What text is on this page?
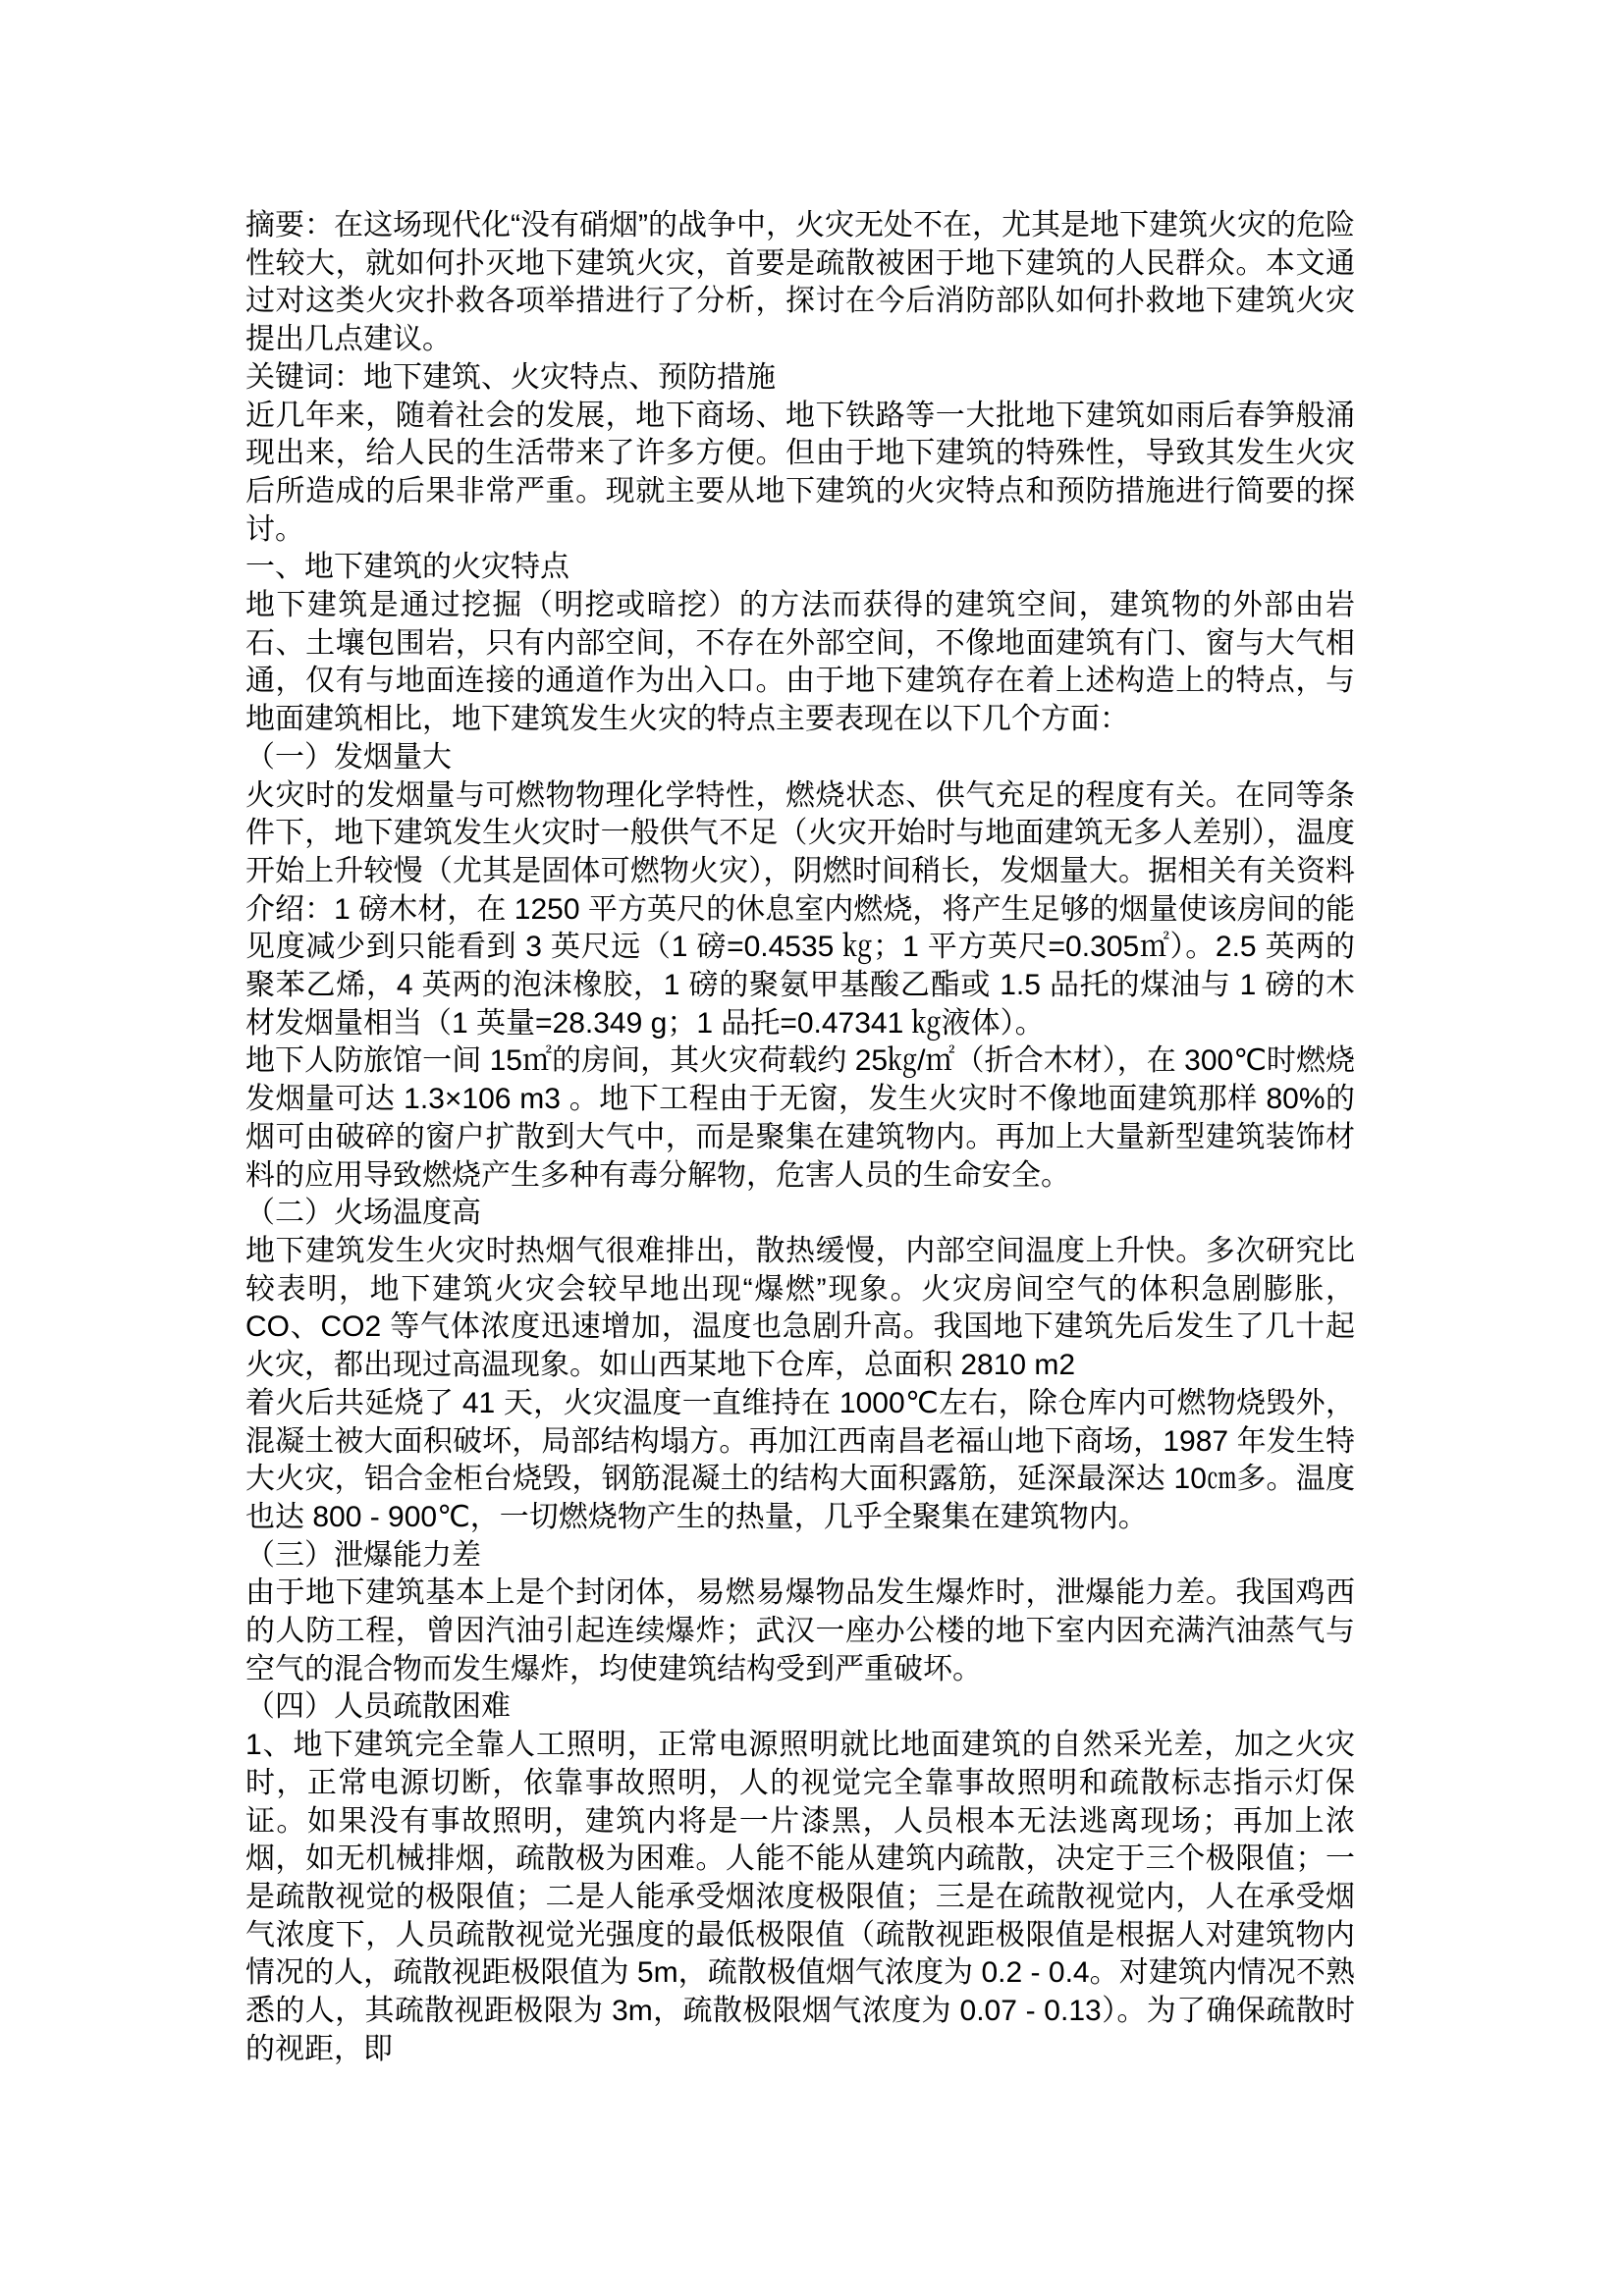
摘要：在这场现代化“没有硝烟”的战争中，火灾无处不在，尤其是地下建筑火灾的危险性较大，就如何扑灭地下建筑火灾，首要是疏散被困于地下建筑的人民群众。本文通过对这类火灾扑救各项举措进行了分析，探讨在今后消防部队如何扑救地下建筑火灾提出几点建议。
关键词：地下建筑、火灾特点、预防措施
近几年来，随着社会的发展，地下商场、地下铁路等一大批地下建筑如雨后春笋般涌现出来，给人民的生活带来了许多方便。但由于地下建筑的特殊性，导致其发生火灾后所造成的后果非常严重。现就主要从地下建筑的火灾特点和预防措施进行简要的探讨。
一、地下建筑的火灾特点
地下建筑是通过挖掘（明挖或暗挖）的方法而获得的建筑空间，建筑物的外部由岩石、土壤包围岩，只有内部空间，不存在外部空间，不像地面建筑有门、窗与大气相通，仅有与地面连接的通道作为出入口。由于地下建筑存在着上述构造上的特点，与地面建筑相比，地下建筑发生火灾的特点主要表现在以下几个方面：
（一）发烟量大
火灾时的发烟量与可燃物物理化学特性，燃烧状态、供气充足的程度有关。在同等条件下，地下建筑发生火灾时一般供气不足（火灾开始时与地面建筑无多人差别），温度开始上升较慢（尤其是固体可燃物火灾），阴燃时间稍长，发烟量大。据相关有关资料介绍：1 磅木材，在 1250 平方英尺的休息室内燃烧，将产生足够的烟量使该房间的能见度减少到只能看到 3 英尺远（1 磅=0.4535 ㎏；1 平方英尺=0.305㎡）。2.5 英两的聚苯乙烯，4 英两的泡沫橡胶，1 磅的聚氨甲基酸乙酯或 1.5 品托的煤油与 1 磅的木材发烟量相当（1 英量=28.349 g；1 品托=0.47341 ㎏液体）。
地下人防旅馆一间 15㎡的房间，其火灾荷载约 25㎏/㎡（折合木材），在 300℃时燃烧发烟量可达 1.3×106 m3 。地下工程由于无窗，发生火灾时不像地面建筑那样 80%的烟可由破碎的窗户扩散到大气中，而是聚集在建筑物内。再加上大量新型建筑装饰材料的应用导致燃烧产生多种有毒分解物，危害人员的生命安全。
（二）火场温度高
地下建筑发生火灾时热烟气很难排出，散热缓慢，内部空间温度上升快。多次研究比较表明，地下建筑火灾会较早地出现“爆燃”现象。火灾房间空气的体积急剧膨胀，CO、CO2 等气体浓度迅速增加，温度也急剧升高。我国地下建筑先后发生了几十起火灾，都出现过高温现象。如山西某地下仓库，总面积 2810 m2
着火后共延烧了 41 天，火灾温度一直维持在 1000℃左右，除仓库内可燃物烧毁外，混凝土被大面积破坏，局部结构塌方。再加江西南昌老福山地下商场，1987 年发生特大火灾，铝合金柜台烧毁，钢筋混凝土的结构大面积露筋，延深最深达 10㎝多。温度也达 800 - 900℃，一切燃烧物产生的热量，几乎全聚集在建筑物内。
（三）泄爆能力差
由于地下建筑基本上是个封闭体，易燃易爆物品发生爆炸时，泄爆能力差。我国鸡西的人防工程，曾因汽油引起连续爆炸；武汉一座办公楼的地下室内因充满汽油蒸气与空气的混合物而发生爆炸，均使建筑结构受到严重破坏。
（四）人员疏散困难
1、地下建筑完全靠人工照明，正常电源照明就比地面建筑的自然采光差，加之火灾时，正常电源切断，依靠事故照明，人的视觉完全靠事故照明和疏散标志指示灯保证。如果没有事故照明，建筑内将是一片漆黑，人员根本无法逃离现场；再加上浓烟，如无机械排烟，疏散极为困难。人能不能从建筑内疏散，决定于三个极限值；一是疏散视觉的极限值；二是人能承受烟浓度极限值；三是在疏散视觉内，人在承受烟气浓度下，人员疏散视觉光强度的最低极限值（疏散视距极限值是根据人对建筑物内情况的人，疏散视距极限值为 5m，疏散极值烟气浓度为 0.2 - 0.4。对建筑内情况不熟悉的人，其疏散视距极限为 3m，疏散极限烟气浓度为 0.07 - 0.13）。为了确保疏散时的视距，即
